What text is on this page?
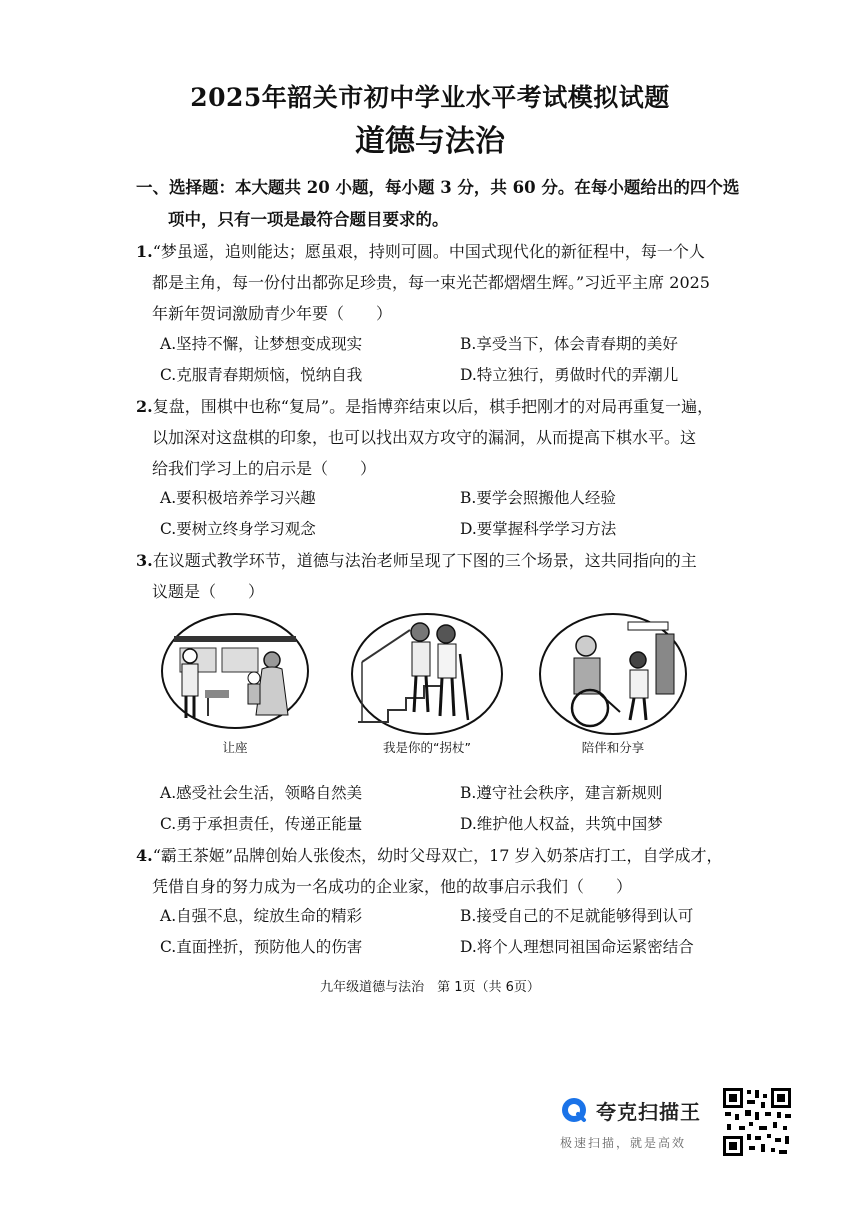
2025年韶关市初中学业水平考试模拟试题
道德与法治
一、选择题：本大题共 20 小题，每小题 3 分，共 60 分。在每小题给出的四个选
项中，只有一项是最符合题目要求的。
1.“梦虽遥，追则能达；愿虽艰，持则可圆。中国式现代化的新征程中，每一个人
都是主角，每一份付出都弥足珍贵，每一束光芒都熠熠生辉。”习近平主席 2025
年新年贺词激励青少年要（　　）
A.坚持不懈，让梦想变成现实	B.享受当下，体会青春期的美好
C.克服青春期烦恼，悦纳自我	D.特立独行，勇做时代的弄潮儿
2.复盘，围棋中也称“复局”。是指博弈结束以后，棋手把刚才的对局再重复一遍，
以加深对这盘棋的印象，也可以找出双方攻守的漏洞，从而提高下棋水平。这
给我们学习上的启示是（　　）
A.要积极培养学习兴趣	B.要学会照搬他人经验
C.要树立终身学习观念	D.要掌握科学学习方法
3.在议题式教学环节，道德与法治老师呈现了下图的三个场景，这共同指向的主
议题是（　　）
让座	我是你的“拐杖”	陪伴和分享
A.感受社会生活，领略自然美	B.遵守社会秩序，建言新规则
C.勇于承担责任，传递正能量	D.维护他人权益，共筑中国梦
4.“霸王茶姬”品牌创始人张俊杰，幼时父母双亡，17 岁入奶茶店打工，自学成才，
凭借自身的努力成为一名成功的企业家，他的故事启示我们（　　）
A.自强不息，绽放生命的精彩	B.接受自己的不足就能够得到认可
C.直面挫折，预防他人的伤害	D.将个人理想同祖国命运紧密结合
九年级道德与法治　第 1页（共 6页）
夸克扫描王
极速扫描，就是高效
